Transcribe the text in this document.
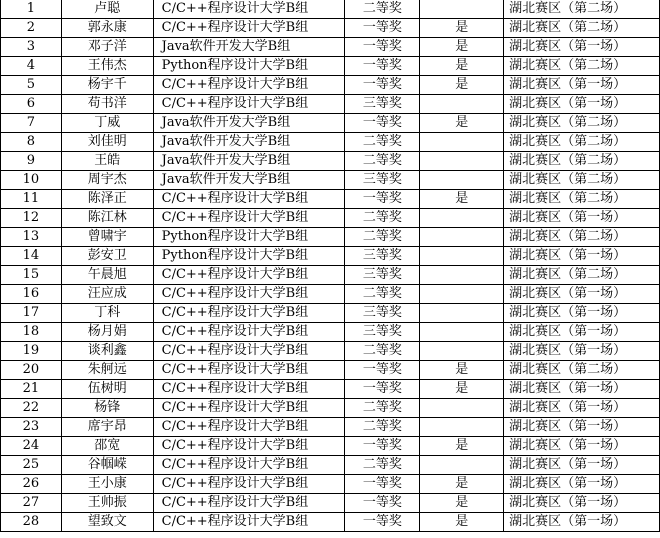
1	卢聪	C/C++程序设计大学B组	二等奖		湖北赛区（第二场）
2	郭永康	C/C++程序设计大学B组	一等奖	是	湖北赛区（第二场）
3	邓子洋	Java软件开发大学B组	一等奖	是	湖北赛区（第一场）
4	王伟杰	Python程序设计大学B组	一等奖	是	湖北赛区（第二场）
5	杨宇千	C/C++程序设计大学B组	一等奖	是	湖北赛区（第一场）
6	苟书洋	C/C++程序设计大学B组	三等奖		湖北赛区（第一场）
7	丁威	Java软件开发大学B组	一等奖	是	湖北赛区（第二场）
8	刘佳明	Java软件开发大学B组	二等奖		湖北赛区（第二场）
9	王皓	Java软件开发大学B组	二等奖		湖北赛区（第二场）
10	周宇杰	Java软件开发大学B组	三等奖		湖北赛区（第二场）
11	陈泽正	C/C++程序设计大学B组	一等奖	是	湖北赛区（第二场）
12	陈江林	C/C++程序设计大学B组	二等奖		湖北赛区（第一场）
13	曾啸宇	Python程序设计大学B组	二等奖		湖北赛区（第二场）
14	彭安卫	Python程序设计大学B组	三等奖		湖北赛区（第一场）
15	午晨旭	C/C++程序设计大学B组	三等奖		湖北赛区（第二场）
16	汪应成	C/C++程序设计大学B组	二等奖		湖北赛区（第一场）
17	丁科	C/C++程序设计大学B组	三等奖		湖北赛区（第一场）
18	杨月娟	C/C++程序设计大学B组	三等奖		湖北赛区（第一场）
19	谈利鑫	C/C++程序设计大学B组	二等奖		湖北赛区（第一场）
20	朱舸远	C/C++程序设计大学B组	一等奖	是	湖北赛区（第二场）
21	伍树明	C/C++程序设计大学B组	一等奖	是	湖北赛区（第一场）
22	杨锋	C/C++程序设计大学B组	二等奖		湖北赛区（第一场）
23	席宇昂	C/C++程序设计大学B组	二等奖		湖北赛区（第一场）
24	邵宽	C/C++程序设计大学B组	一等奖	是	湖北赛区（第一场）
25	谷帼嵘	C/C++程序设计大学B组	二等奖		湖北赛区（第一场）
26	王小康	C/C++程序设计大学B组	一等奖	是	湖北赛区（第一场）
27	王帅振	C/C++程序设计大学B组	一等奖	是	湖北赛区（第一场）
28	望致文	C/C++程序设计大学B组	一等奖	是	湖北赛区（第一场）
